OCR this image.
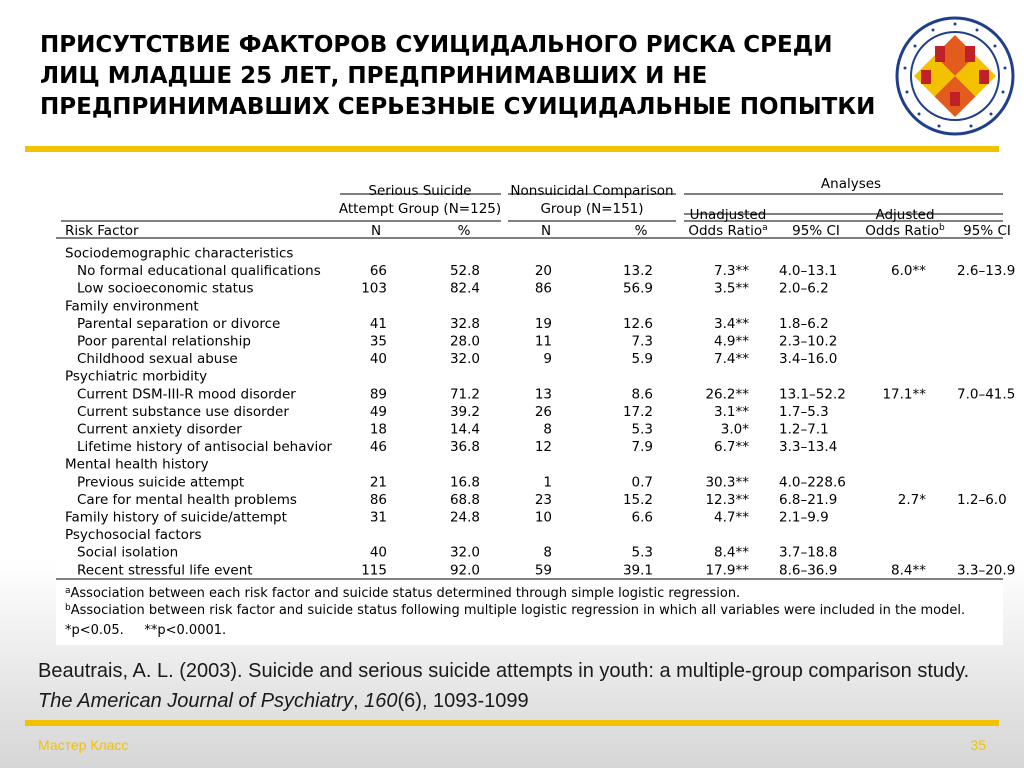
ПРИСУТСТВИЕ ФАКТОРОВ СУИЦИДАЛЬНОГО РИСКА СРЕДИ ЛИЦ МЛАДШЕ 25 ЛЕТ, ПРЕДПРИНИМАВШИХ И НЕ ПРЕДПРИНИМАВШИХ СЕРЬЕЗНЫЕ СУИЦИДАЛЬНЫЕ ПОПЫТКИ
Serious Suicide
Attempt Group (N=125)
Nonsuicidal Comparison
Group (N=151)
Analyses
Unadjusted
Odds Ratio$^a$
Adjusted
Odds Ratio$^b$
95% CI	95% CI
Risk Factor	N	%	N	%
Sociodemographic characteristics
No formal educational qualifications	66	52.8	20	13.2	7.3** 4.0–13.1	6.0** 2.6–13.9
Low socioeconomic status	103	82.4	86	56.9	3.5** 2.0–6.2
Family environment
Parental separation or divorce	41	32.8	19	12.6	3.4** 1.8–6.2
Poor parental relationship	35	28.0	11	7.3	4.9** 2.3–10.2
Childhood sexual abuse	40	32.0	9	5.9	7.4** 3.4–16.0
Psychiatric morbidity
Current DSM-III-R mood disorder	89	71.2	13	8.6	26.2** 13.1–52.2	17.1** 7.0–41.5
Current substance use disorder	49	39.2	26	17.2	3.1** 1.7–5.3
Current anxiety disorder	18	14.4	8	5.3	3.0* 1.2–7.1
Lifetime history of antisocial behavior	46	36.8	12	7.9	6.7** 3.3–13.4
Mental health history
Previous suicide attempt	21	16.8	1	0.7	30.3** 4.0–228.6
Care for mental health problems	86	68.8	23	15.2	12.3** 6.8–21.9	2.7* 1.2–6.0
Family history of suicide/attempt	31	24.8	10	6.6	4.7** 2.1–9.9
Psychosocial factors
Social isolation	40	32.0	8	5.3	8.4** 3.7–18.8
Recent stressful life event	115	92.0	59	39.1	17.9** 8.6–36.9	8.4** 3.3–20.9
$^a$Association between each risk factor and suicide status determined through simple logistic regression.
$^b$Association between risk factor and suicide status following multiple logistic regression in which all variables were included in the model.
*p<0.05.     **p<0.0001.

Beautrais, A. L. (2003). Suicide and serious suicide attempts in youth: a multiple-group comparison study. The American Journal of Psychiatry, 160(6), 1093-1099

Мастер Класс	35
